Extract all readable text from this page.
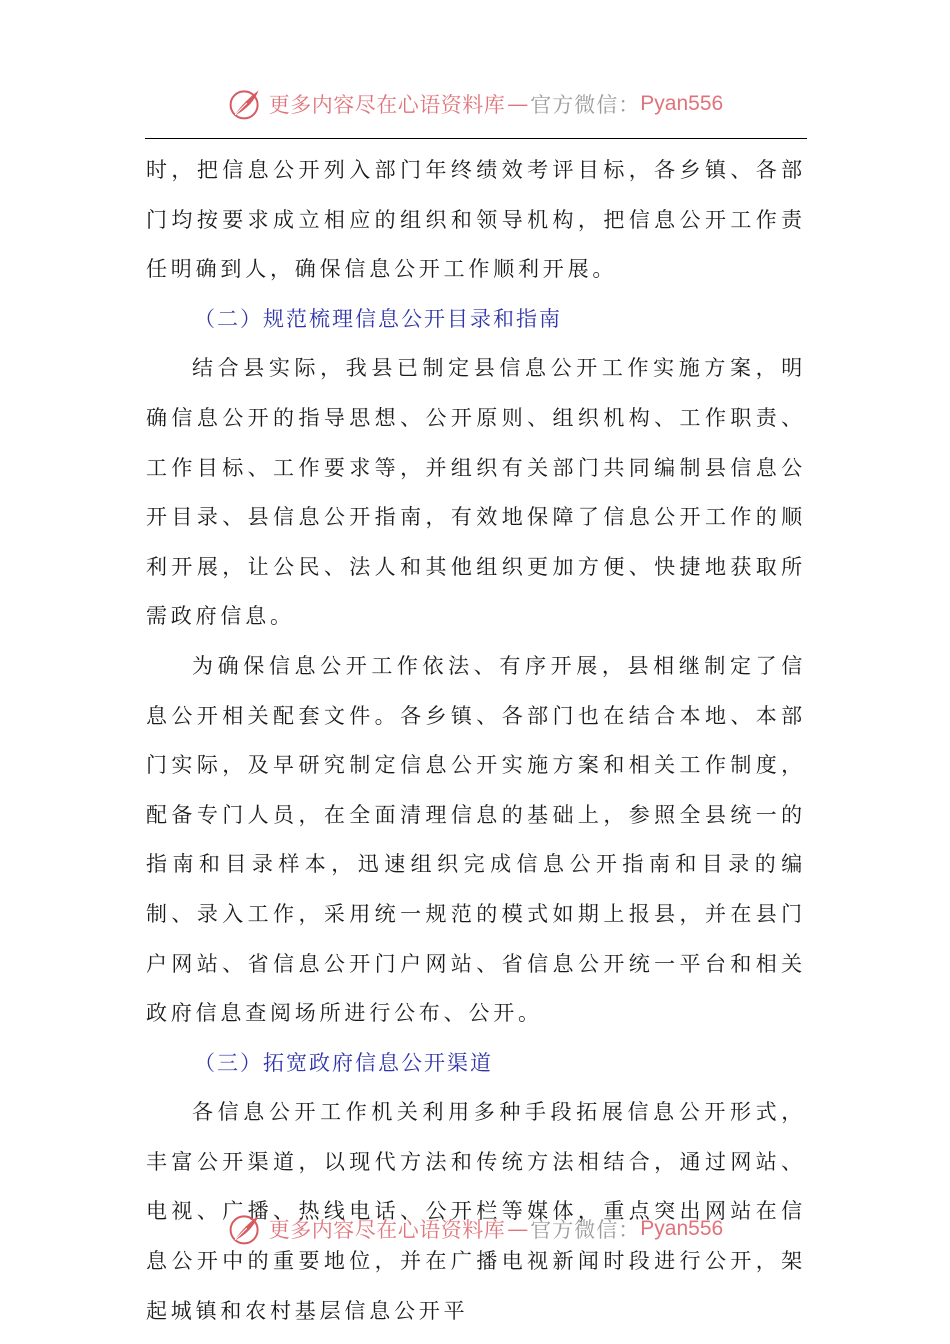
更多内容尽在心语资料库 — 官方微信： Pyan556

时，把信息公开列入部门年终绩效考评目标，各乡镇、各部门均按要求成立相应的组织和领导机构，把信息公开工作责任明确到人，确保信息公开工作顺利开展。

（二）规范梳理信息公开目录和指南

结合县实际，我县已制定县信息公开工作实施方案，明确信息公开的指导思想、公开原则、组织机构、工作职责、工作目标、工作要求等，并组织有关部门共同编制县信息公开目录、县信息公开指南，有效地保障了信息公开工作的顺利开展，让公民、法人和其他组织更加方便、快捷地获取所需政府信息。

为确保信息公开工作依法、有序开展，县相继制定了信息公开相关配套文件。各乡镇、各部门也在结合本地、本部门实际，及早研究制定信息公开实施方案和相关工作制度，配备专门人员，在全面清理信息的基础上，参照全县统一的指南和目录样本，迅速组织完成信息公开指南和目录的编制、录入工作，采用统一规范的模式如期上报县，并在县门户网站、省信息公开门户网站、省信息公开统一平台和相关政府信息查阅场所进行公布、公开。

（三）拓宽政府信息公开渠道

各信息公开工作机关利用多种手段拓展信息公开形式，丰富公开渠道，以现代方法和传统方法相结合，通过网站、电视、广播、热线电话、公开栏等媒体，重点突出网站在信息公开中的重要地位，并在广播电视新闻时段进行公开，架起城镇和农村基层信息公开平

更多内容尽在心语资料库 — 官方微信： Pyan556
